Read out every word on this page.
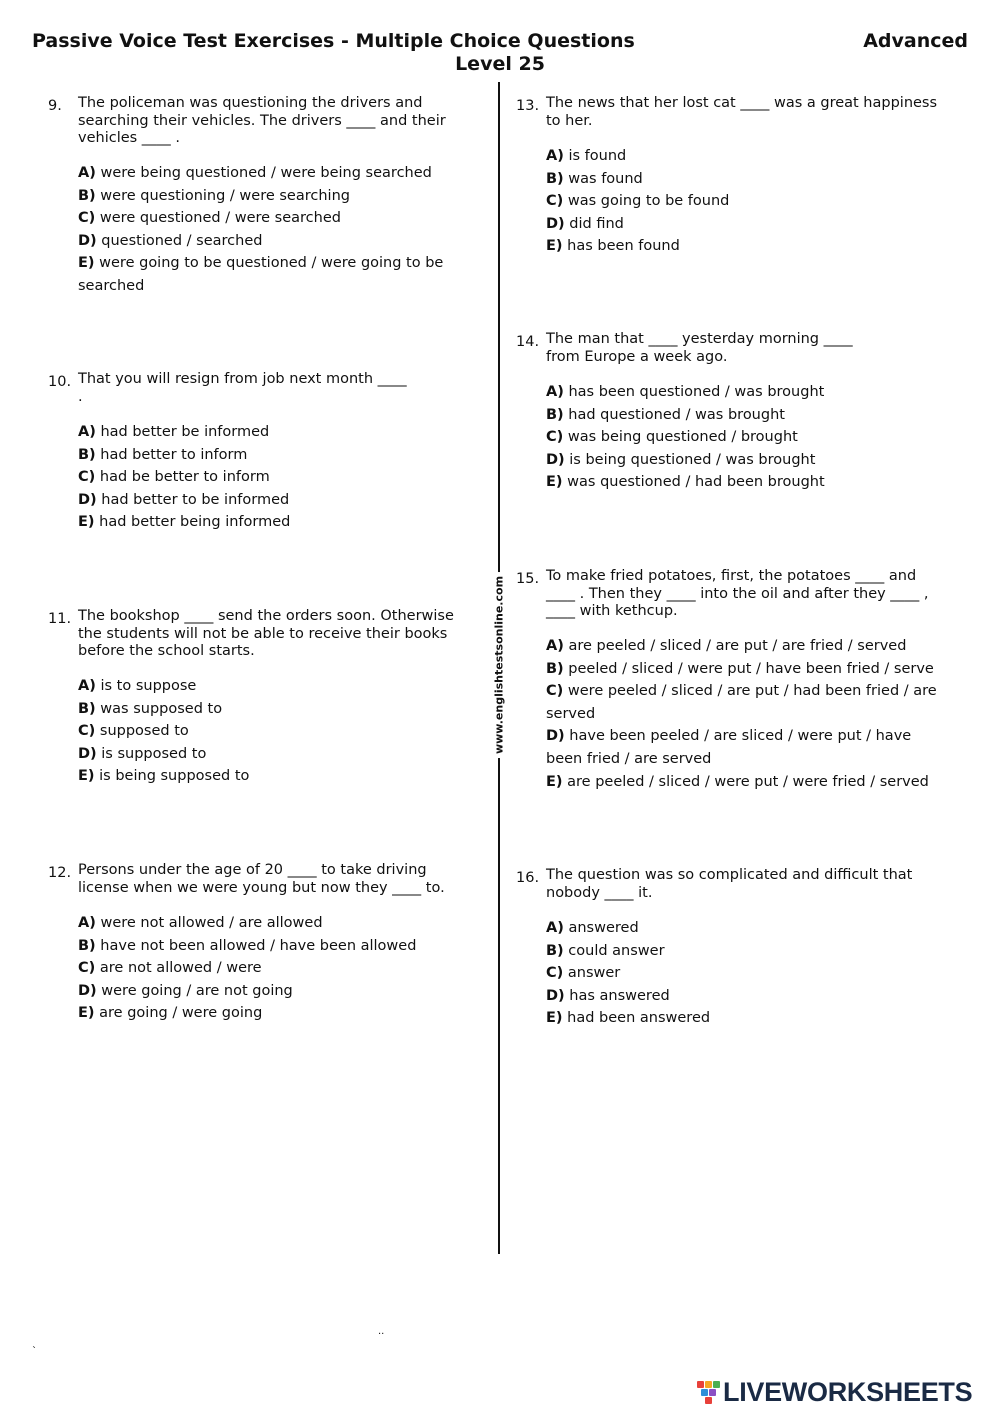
Passive Voice Test Exercises - Multiple Choice Questions	Advanced
Level 25
www.englishtestsonline.com
9. The policeman was questioning the drivers and
searching their vehicles. The drivers ____ and their
vehicles ____ .
A) were being questioned / were being searched
B) were questioning / were searching
C) were questioned / were searched
D) questioned / searched
E) were going to be questioned / were going to be searched
10. That you will resign from job next month ____
.
A) had better be informed
B) had better to inform
C) had be better to inform
D) had better to be informed
E) had better being informed
11. The bookshop ____ send the orders soon. Otherwise
the students will not be able to receive their books
before the school starts.
A) is to suppose
B) was supposed to
C) supposed to
D) is supposed to
E) is being supposed to
12. Persons under the age of 20 ____ to take driving
license when we were young but now they ____ to.
A) were not allowed / are allowed
B) have not been allowed / have been allowed
C) are not allowed / were
D) were going / are not going
E) are going / were going
13. The news that her lost cat ____ was a great happiness
to her.
A) is found
B) was found
C) was going to be found
D) did find
E) has been found
14. The man that ____ yesterday morning ____
from Europe a week ago.
A) has been questioned / was brought
B) had questioned / was brought
C) was being questioned / brought
D) is being questioned / was brought
E) was questioned / had been brought
15. To make fried potatoes, first, the potatoes ____ and
____ . Then they ____ into the oil and after they ____ ,
____ with kethcup.
A) are peeled / sliced / are put / are fried / served
B) peeled / sliced / were put / have been fried / serve
C) were peeled / sliced / are put / had been fried / are served
D) have been peeled / are sliced / were put / have been fried / are served
E) are peeled / sliced / were put / were fried / served
16. The question was so complicated and difficult that
nobody ____ it.
A) answered
B) could answer
C) answer
D) has answered
E) had been answered
..
`
LIVEWORKSHEETS
